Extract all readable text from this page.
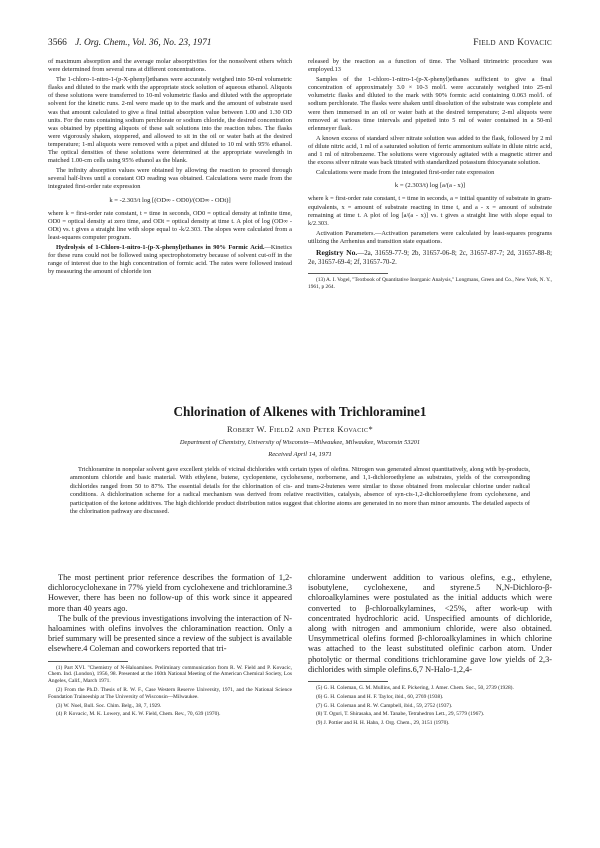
3566 J. Org. Chem., Vol. 36, No. 23, 1971	Field and Kovacic

of maximum absorption and the average molar absorptivities for the nonsolvent ethers which were determined from several runs at different concentrations.

The 1-chloro-1-nitro-1-(p-X-phenyl)ethanes were accurately weighed into 50-ml volumetric flasks and diluted to the mark with the appropriate stock solution of aqueous ethanol. Aliquots of these solutions were transferred to 10-ml volumetric flasks and diluted with the appropriate solvent for the kinetic runs. 2-ml were made up to the mark and the amount of substrate used was that amount calculated to give a final initial absorption value between 1.00 and 1.30 OD units. For the runs containing sodium perchlorate or sodium chloride, the desired concentration was obtained by pipetting aliquots of these salt solutions into the reaction tubes. The flasks were vigorously shaken, stoppered, and allowed to sit in the oil or water bath at the desired temperature; 1-ml aliquots were removed with a pipet and diluted to 10 ml with 95% ethanol. The optical densities of these solutions were determined at the appropriate wavelength in matched 1.00-cm cells using 95% ethanol as the blank.

The infinity absorption values were obtained by allowing the reaction to proceed through several half-lives until a constant OD reading was obtained. Calculations were made from the integrated first-order rate expression

k = -2.303/t log [(OD∞ - OD0)/(OD∞ - ODt)]

where k = first-order rate constant, t = time in seconds, OD0 = optical density at infinite time, OD0 = optical density at zero time, and ODt = optical density at time t. A plot of log (OD∞ - ODt) vs. t gives a straight line with slope equal to -k/2.303. The slopes were calculated from a least-squares computer program.

Hydrolysis of 1-Chloro-1-nitro-1-(p-X-phenyl)ethanes in 90% Formic Acid.—Kinetics for these runs could not be followed using spectrophotometry because of solvent cut-off in the range of interest due to the high concentration of formic acid. The rates were followed instead by measuring the amount of chloride ion

released by the reaction as a function of time. The Volhard titrimetric procedure was employed.13

Samples of the 1-chloro-1-nitro-1-(p-X-phenyl)ethanes sufficient to give a final concentration of approximately 3.0 × 10-3 mol/l. were accurately weighed into 25-ml volumetric flasks and diluted to the mark with 90% formic acid containing 0.063 mol/l. of sodium perchlorate. The flasks were shaken until dissolution of the substrate was complete and were then immersed in an oil or water bath at the desired temperature; 2-ml aliquots were removed at various time intervals and pipetted into 5 ml of water contained in a 50-ml erlenmeyer flask.

A known excess of standard silver nitrate solution was added to the flask, followed by 2 ml of dilute nitric acid, 1 ml of a saturated solution of ferric ammonium sulfate in dilute nitric acid, and 1 ml of nitrobenzene. The solutions were vigorously agitated with a magnetic stirrer and the excess silver nitrate was back titrated with standardized potassium thiocyanate solution.

Calculations were made from the integrated first-order rate expression

k = (2.303/t) log [a/(a - x)]

where k = first-order rate constant, t = time in seconds, a = initial quantity of substrate in gram-equivalents, x = amount of substrate reacting in time t, and a - x = amount of substrate remaining at time t. A plot of log [a/(a - x)] vs. t gives a straight line with slope equal to k/2.303.

Activation Parameters.—Activation parameters were calculated by least-squares programs utilizing the Arrhenius and transition state equations.

Registry No.—2a, 31659-77-9; 2b, 31657-06-8; 2c, 31657-87-7; 2d, 31657-88-8; 2e, 31657-69-4; 2f, 31657-70-2.

(13) A. I. Vogel, "Textbook of Quantitative Inorganic Analysis," Longmans, Green and Co., New York, N. Y., 1961, p 264.

Chlorination of Alkenes with Trichloramine1
Robert W. Field2 and Peter Kovacic*
Department of Chemistry, University of Wisconsin—Milwaukee, Milwaukee, Wisconsin 53201
Received April 14, 1971

Trichloramine in nonpolar solvent gave excellent yields of vicinal dichlorides with certain types of olefins. Nitrogen was generated almost quantitatively, along with by-products, ammonium chloride and basic material. With ethylene, butene, cyclopentene, cyclohexene, norbornene, and 1,1-dichloroethylene as substrates, yields of the corresponding dichlorides ranged from 50 to 87%. The essential details for the chlorination of cis- and trans-2-butenes were similar to those obtained from molecular chlorine under radical conditions. A dichlorination scheme for a radical mechanism was derived from relative reactivities, catalysis, absence of syn-cis-1,2-dichloroethylene from cyclohexene, and participation of the ketone additives. The high dichloride product distribution ratios suggest that chlorine atoms are generated in no more than minor amounts. The detailed aspects of the chlorination pathway are discussed.

The most pertinent prior reference describes the formation of 1,2-dichlorocyclohexane in 77% yield from cyclohexene and trichloramine.3 However, there has been no follow-up of this work since it appeared more than 40 years ago.

The bulk of the previous investigations involving the interaction of N-haloamines with olefins involves the chloramination reaction. Only a brief summary will be presented since a review of the subject is available elsewhere.4 Coleman and coworkers reported that tri-

(1) Part XVI. "Chemistry of N-Haloamines. Preliminary communication from R. W. Field and P. Kovacic, Chem. Ind. (London), 1956, 98. Presented at the 160th National Meeting of the American Chemical Society, Los Angeles, Calif., March 1971.

(2) From the Ph.D. Thesis of R. W. F., Case Western Reserve University, 1971, and the National Science Foundation Traineeship at The University of Wisconsin—Milwaukee.

(3) W. Noel, Bull. Soc. Chim. Belg., 38, 7, 1929.

(4) P. Kovacic, M. K. Lowery, and K. W. Field, Chem. Rev., 70, 639 (1970).

chloramine underwent addition to various olefins, e.g., ethylene, isobutylene, cyclohexene, and styrene.5 N,N-Dichloro-β-chloroalkylamines were postulated as the initial adducts which were converted to β-chloroalkylamines, <25%, after work-up with concentrated hydrochloric acid. Unspecified amounts of dichloride, along with nitrogen and ammonium chloride, were also obtained. Unsymmetrical olefins formed β-chloroalkylamines in which chlorine was attached to the least substituted olefinic carbon atom. Under photolytic or thermal conditions trichloramine gave low yields of 2,3-dichlorides with simple olefins.6,7 N-Halo-1,2,4-

(5) G. H. Coleman, G. M. Mullins, and E. Pickering, J. Amer. Chem. Soc., 50, 2739 (1928).

(6) G. H. Coleman and H. F. Taylor, ibid., 60, 2769 (1938).

(7) G. H. Coleman and R. W. Campbell, ibid., 59, 2752 (1937).

(8) T. Oguri, T. Shirasaka, and M. Tanabe, Tetrahedron Lett., 29, 5779 (1967).

(9) J. Pottier and H. H. Hahn, J. Org. Chem., 29, 3151 (1970).
